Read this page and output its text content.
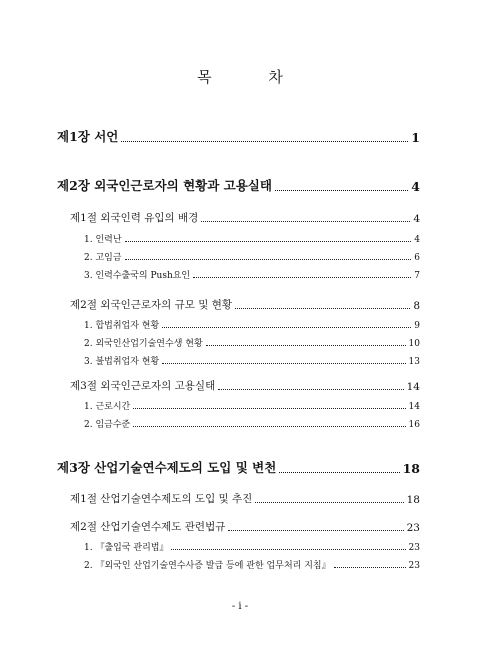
목 차
제1장 서언	1
제2장 외국인근로자의 현황과 고용실태	4
제1절 외국인력 유입의 배경	4
1. 인력난	4
2. 고임금	6
3. 인력수출국의 Push요인	7
제2절 외국인근로자의 규모 및 현황	8
1. 합법취업자 현황	9
2. 외국인산업기술연수생 현황	10
3. 불법취업자 현황	13
제3절 외국인근로자의 고용실태	14
1. 근로시간	14
2. 임금수준	16
제3장 산업기술연수제도의 도입 및 변천	18
제1절 산업기술연수제도의 도입 및 추진	18
제2절 산업기술연수제도 관련법규	23
1. 『출입국 관리법』	23
2. 『외국인 산업기술연수사증 발급 등에 관한 업무처리 지침』	23
- i -
